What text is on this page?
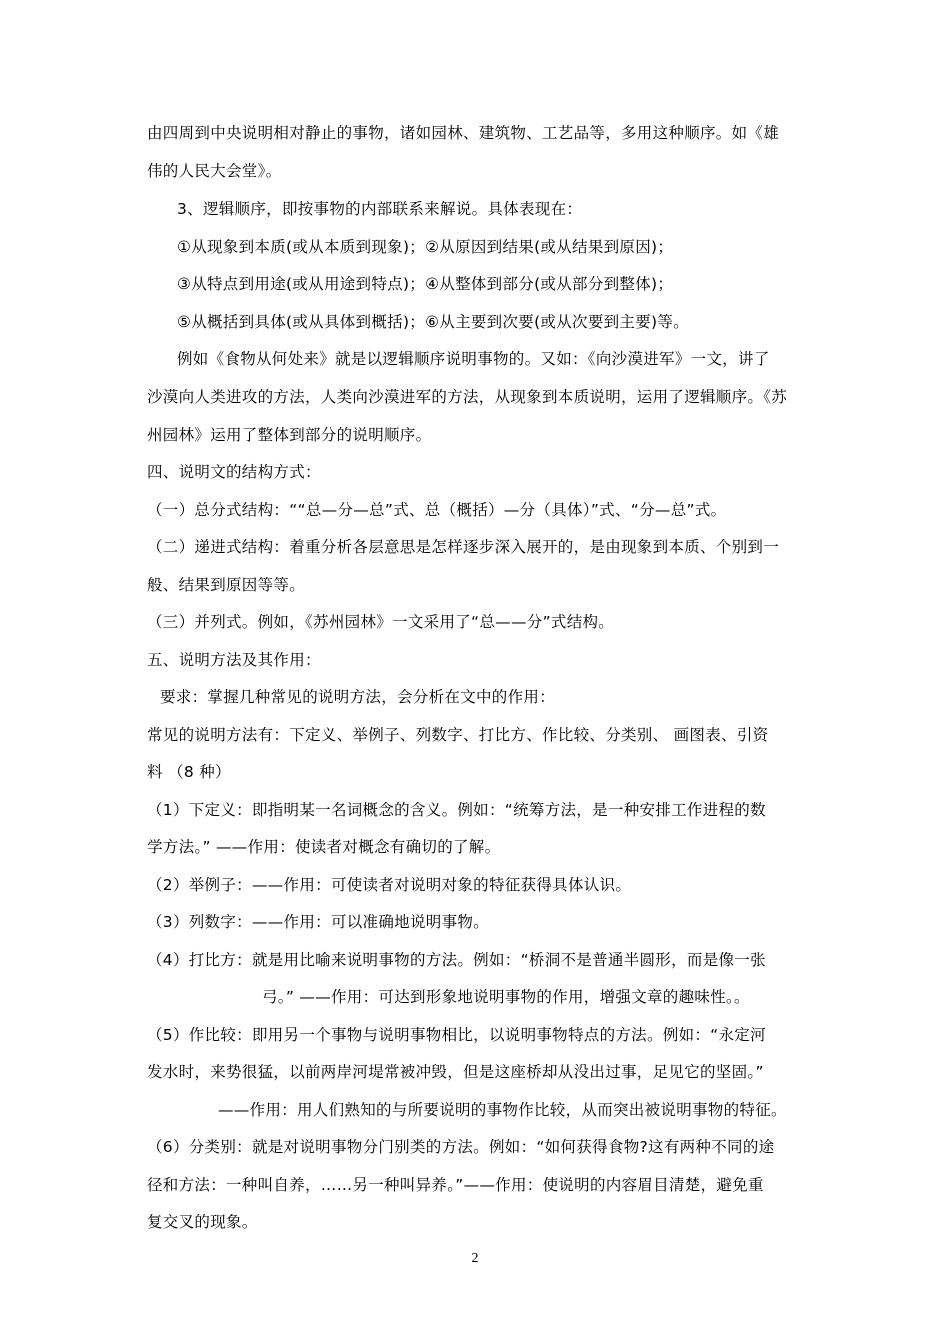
由四周到中央说明相对静止的事物，诸如园林、建筑物、工艺品等，多用这种顺序。如《雄
伟的人民大会堂》。
3、逻辑顺序，即按事物的内部联系来解说。具体表现在：
①从现象到本质(或从本质到现象)；②从原因到结果(或从结果到原因)；
③从特点到用途(或从用途到特点)；④从整体到部分(或从部分到整体)；
⑤从概括到具体(或从具体到概括)；⑥从主要到次要(或从次要到主要)等。
例如《食物从何处来》就是以逻辑顺序说明事物的。又如：《向沙漠进军》一文，讲了
沙漠向人类进攻的方法，人类向沙漠进军的方法，从现象到本质说明，运用了逻辑顺序。《苏
州园林》运用了整体到部分的说明顺序。
四、说明文的结构方式：
（一）总分式结构：““总—分—总”式、总（概括）—分（具体）”式、“分—总”式。
（二）递进式结构：着重分析各层意思是怎样逐步深入展开的，是由现象到本质、个别到一
般、结果到原因等等。
（三）并列式。例如，《苏州园林》一文采用了“总——分”式结构。
五、说明方法及其作用：
要求：掌握几种常见的说明方法，会分析在文中的作用：
常见的说明方法有：下定义、举例子、列数字、打比方、作比较、分类别、 画图表、引资
料 （8 种）
（1）下定义：即指明某一名词概念的含义。例如：“统筹方法，是一种安排工作进程的数
学方法。” ——作用：使读者对概念有确切的了解。
（2）举例子：——作用：可使读者对说明对象的特征获得具体认识。
（3）列数字：——作用：可以准确地说明事物。
（4）打比方：就是用比喻来说明事物的方法。例如：“桥洞不是普通半圆形，而是像一张
弓。” ——作用：可达到形象地说明事物的作用，增强文章的趣味性。。
（5）作比较：即用另一个事物与说明事物相比，以说明事物特点的方法。例如：“永定河
发水时，来势很猛，以前两岸河堤常被冲毁，但是这座桥却从没出过事，足见它的坚固。”
——作用：用人们熟知的与所要说明的事物作比较，从而突出被说明事物的特征。
（6）分类别：就是对说明事物分门别类的方法。例如：“如何获得食物?这有两种不同的途
径和方法：一种叫自养，……另一种叫异养。”——作用：使说明的内容眉目清楚，避免重
复交叉的现象。
2
